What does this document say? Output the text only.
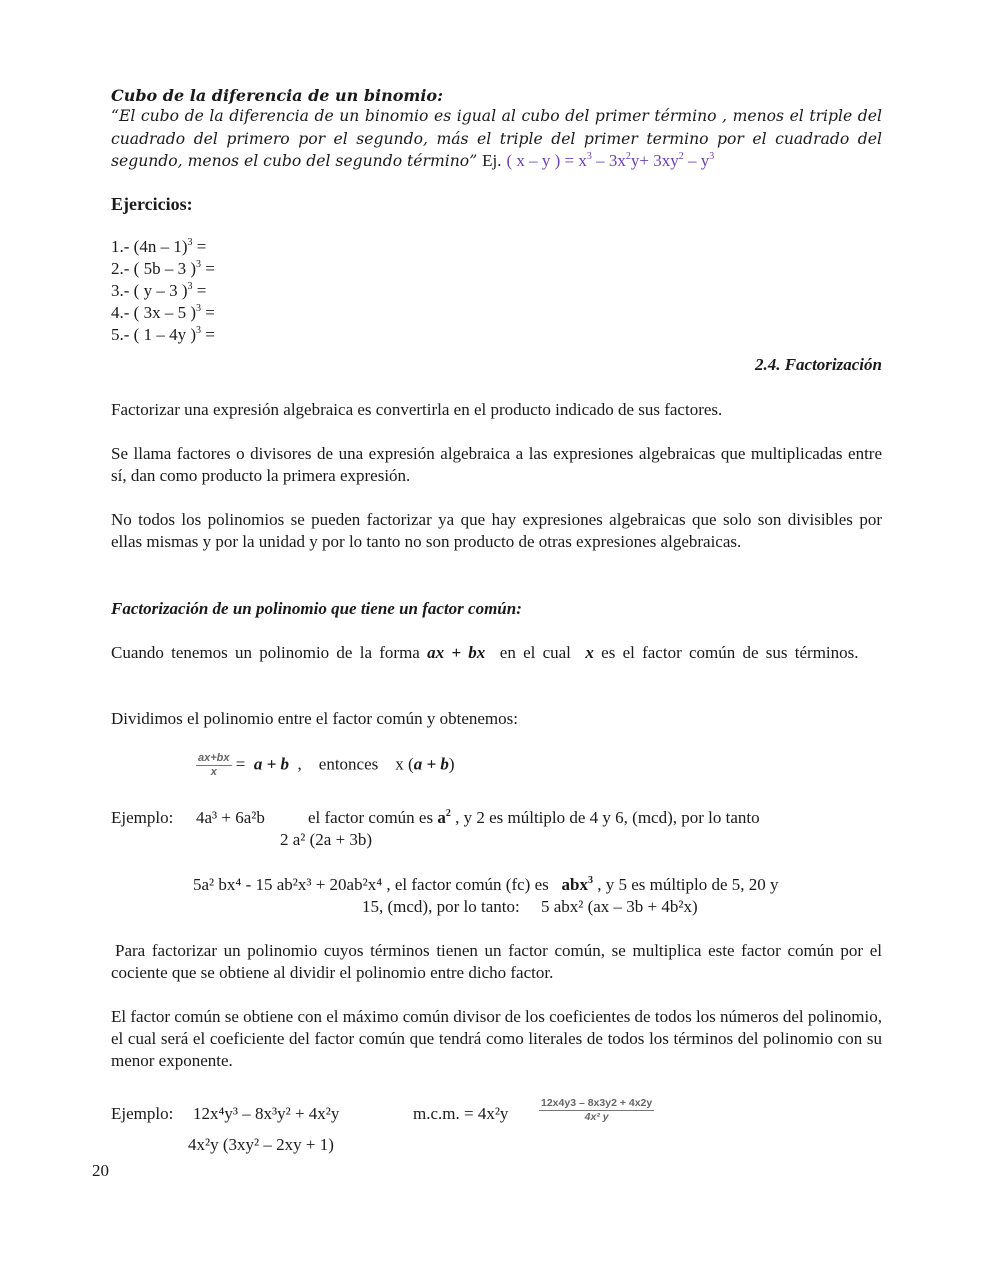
Cubo de la diferencia de un binomio:
“El cubo de la diferencia de un binomio es igual al cubo del primer término , menos el triple del cuadrado del primero por el segundo, más el triple del primer termino por el cuadrado del segundo, menos el cubo del segundo término” Ej. ( x – y ) = $x^3 - 3x^2y+ 3xy^2 - y^3$
Ejercicios:
1.- (4n – 1)$^3$ =
2.- ( 5b – 3 )$^3$ =
3.- ( y – 3 )$^3$ =
4.- ( 3x – 5 )$^3$ =
5.- ( 1 – 4y )$^3$ =
2.4. Factorización
Factorizar una expresión algebraica es convertirla en el producto indicado de sus factores.
Se llama factores o divisores de una expresión algebraica a las expresiones algebraicas que multiplicadas entre sí, dan como producto la primera expresión.
No todos los polinomios se pueden factorizar ya que hay expresiones algebraicas que solo son divisibles por ellas mismas y por la unidad y por lo tanto no son producto de otras expresiones algebraicas.
Factorización de un polinomio que tiene un factor común:
Cuando tenemos un polinomio de la forma ax + bx en el cual x es el factor común de sus términos.
Dividimos el polinomio entre el factor común y obtenemos:
$\frac{ax+bx}{x} = a + b$ , entonces x (a + b)
Ejemplo: 4a³ + 6a²b	el factor común es $a^2$ , y 2 es múltiplo de 4 y 6, (mcd), por lo tanto
2 a² (2a + 3b)
5a² bx⁴ - 15 ab²x³ + 20ab²x⁴ , el factor común (fc) es abx$^3$ , y 5 es múltiplo de 5, 20 y
15, (mcd), por lo tanto: 5 abx² (ax – 3b + 4b²x)
Para factorizar un polinomio cuyos términos tienen un factor común, se multiplica este factor común por el cociente que se obtiene al dividir el polinomio entre dicho factor.
El factor común se obtiene con el máximo común divisor de los coeficientes de todos los números del polinomio, el cual será el coeficiente del factor común que tendrá como literales de todos los términos del polinomio con su menor exponente.
Ejemplo: 12x⁴y³ – 8x³y² + 4x²y	m.c.m. = 4x²y	$\frac{12x4y3 - 8x3y2 + 4x2y}{\text{4x² y}}$
4x²y (3xy² – 2xy + 1)
20
